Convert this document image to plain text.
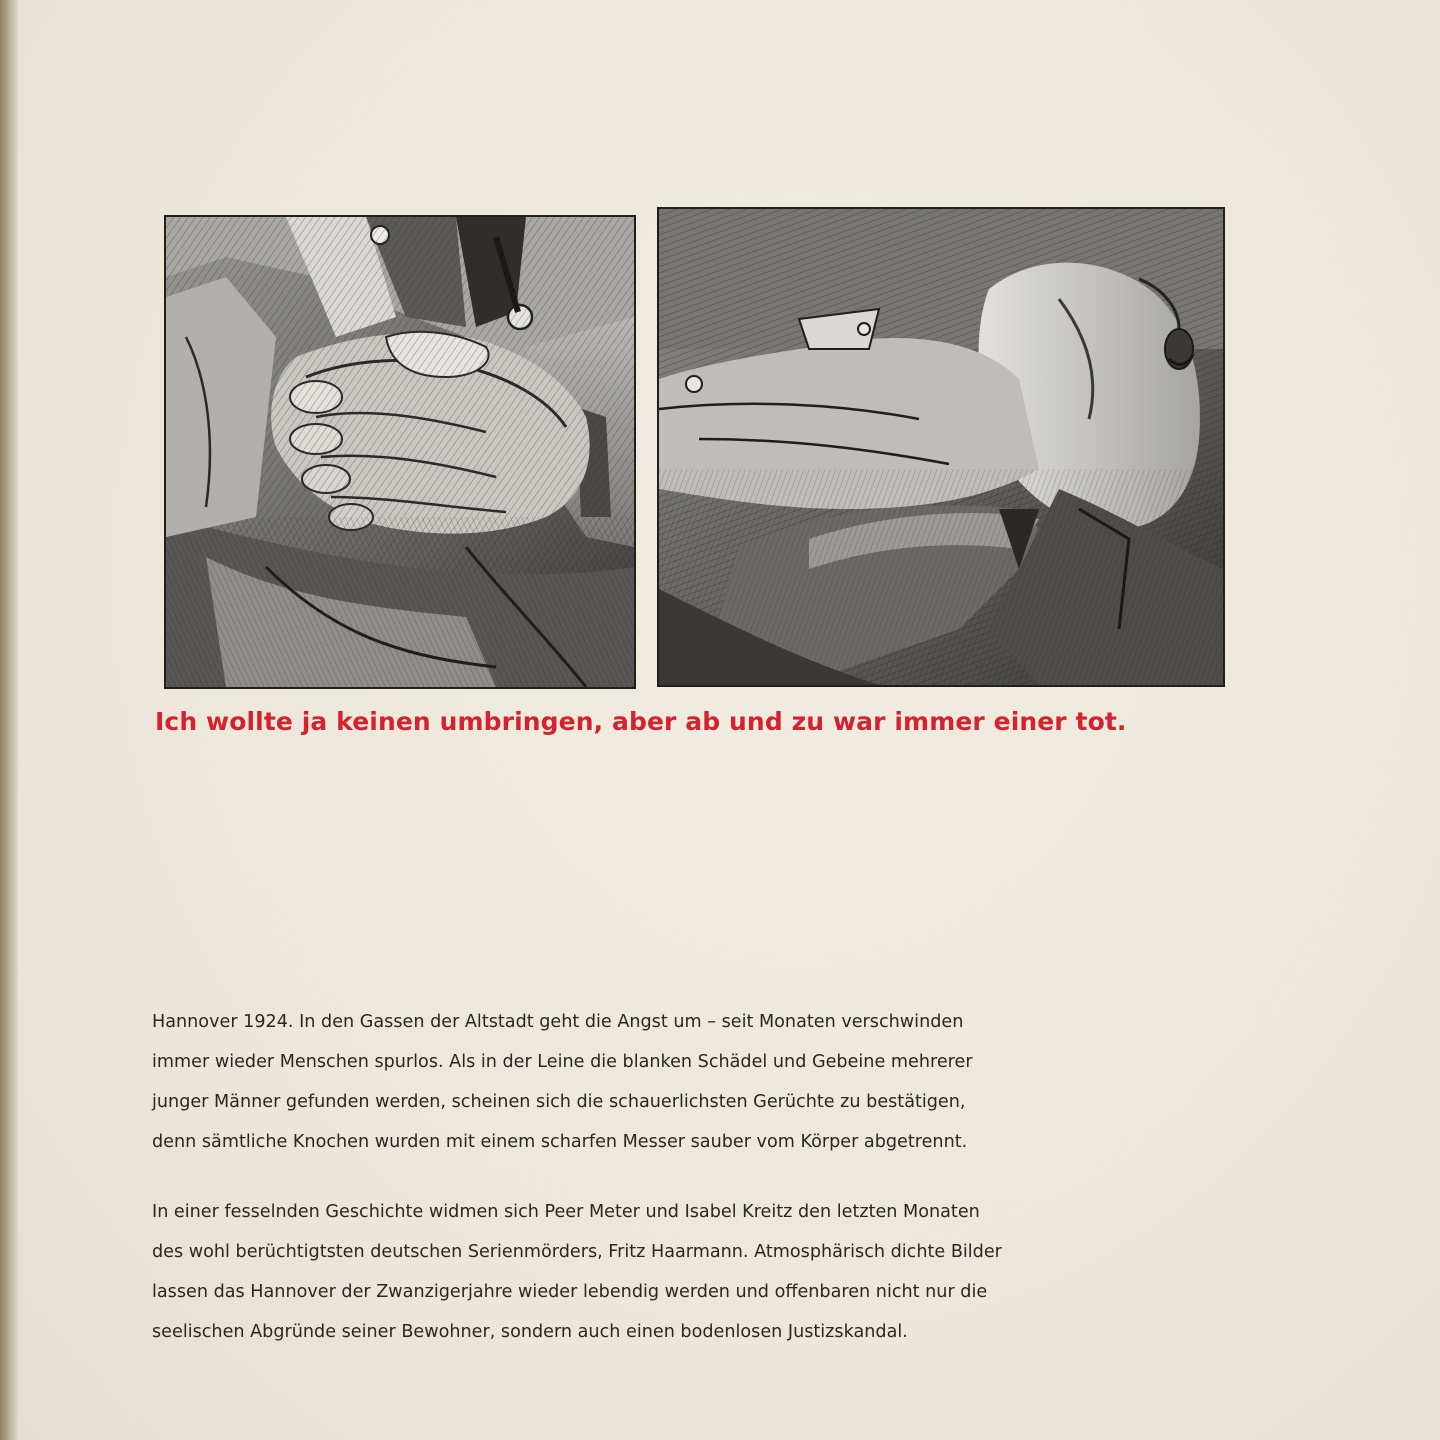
Ich wollte ja keinen umbringen, aber ab und zu war immer einer tot.

Hannover 1924. In den Gassen der Altstadt geht die Angst um – seit Monaten verschwinden
immer wieder Menschen spurlos. Als in der Leine die blanken Schädel und Gebeine mehrerer
junger Männer gefunden werden, scheinen sich die schauerlichsten Gerüchte zu bestätigen,
denn sämtliche Knochen wurden mit einem scharfen Messer sauber vom Körper abgetrennt.
In einer fesselnden Geschichte widmen sich Peer Meter und Isabel Kreitz den letzten Monaten
des wohl berüchtigtsten deutschen Serienmörders, Fritz Haarmann. Atmosphärisch dichte Bilder
lassen das Hannover der Zwanzigerjahre wieder lebendig werden und offenbaren nicht nur die
seelischen Abgründe seiner Bewohner, sondern auch einen bodenlosen Justizskandal.
